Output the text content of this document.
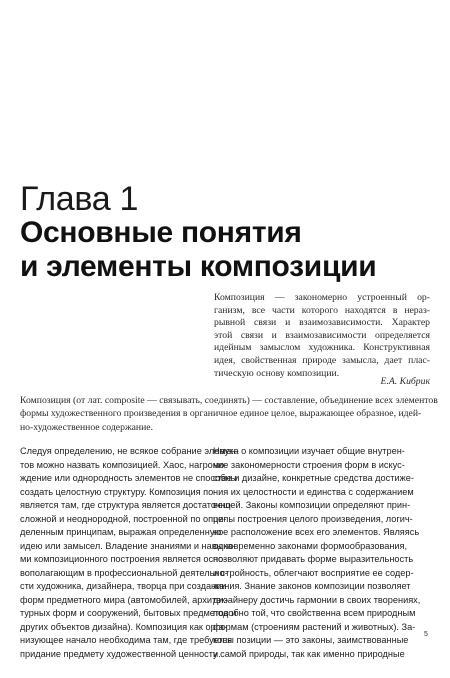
Глава 1
Основные понятия
и элементы композиции
Композиция — закономерно устроенный ор-
ганизм, все части которого находятся в нераз-
рывной связи и взаимозависимости. Характер
этой связи и взаимозависимости определяется
идейным замыслом художника. Конструктивная
идея, свойственная природе замысла, дает плас-
тическую основу композиции.
Е.А. Кибрик
Композиция (от лат. composite — связывать, соединять) — составление, объединение всех элементов
формы художественного произведения в органичное единое целое, выражающее образное, идей-
но-художественное содержание.
Следуя определению, не всякое собрание элемен-
тов можно назвать композицией. Хаос, нагромо-
ждение или однородность элементов не способны
создать целостную структуру. Композиция по-
является там, где структура является достаточно
сложной и неоднородной, построенной по опре-
деленным принципам, выражая определенную
идею или замысел. Владение знаниями и навыка-
ми композиционного построения является осно-
вополагающим в профессиональной деятельно-
сти художника, дизайнера, творца при создании
форм предметного мира (автомобилей, архитек-
турных форм и сооружений, бытовых предметов и
других объектов дизайна). Композиция как орга-
низующее начало необходима там, где требуется
придание предмету художественной ценности.
Наука о композиции изучает общие внутрен-
ние закономерности строения форм в искус-
стве и дизайне, конкретные средства достиже-
ния их целостности и единства с содержанием
вещей. Законы композиции определяют прин-
ципы построения целого произведения, логич-
ное расположение всех его элементов. Являясь
одновременно законами формообразования,
позволяют придавать форме выразительность
и стройность, облегчают восприятие ее содер-
жания. Знание законов композиции позволяет
дизайнеру достичь гармонии в своих творениях,
подобно той, что свойственна всем природным
формам (строениям растений и животных). За-
коны позиции — это законы, заимствованные
у самой природы, так как именно природные
5
